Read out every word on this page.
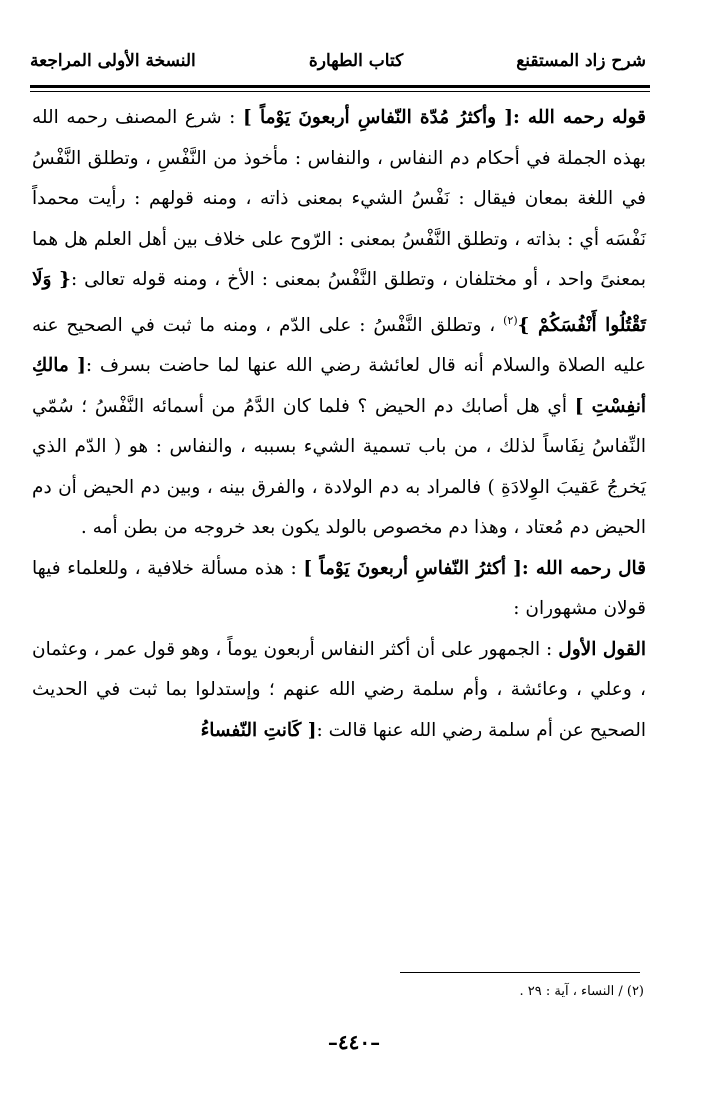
شرح زاد المستقنع
كتاب الطهارة
النسخة الأولى المراجعة

قوله رحمه الله :[ وأكثرُ مُدّة النّفاسِ أربعونَ يَوْماً ] : شرع المصنف رحمه الله بهذه الجملة في أحكام دم النفاس ، والنفاس : مأخوذ من النَّفْسِ ، وتطلق النَّفْسُ في اللغة بمعان فيقال : نَفْسُ الشيء بمعنى ذاته ، ومنه قولهم : رأيت محمداً نَفْسَه أي : بذاته ، وتطلق النَّفْسُ بمعنى : الرّوح على خلاف بين أهل العلم هل هما بمعنىً واحد ، أو مختلفان ، وتطلق النَّفْسُ بمعنى : الأخ ، ومنه قوله تعالى :{ وَلَا تَقْتُلُوا أَنْفُسَكُمْ }$^{(٢)}$ ، وتطلق النَّفْسُ : على الدّم ، ومنه ما ثبت في الصحيح عنه عليه الصلاة والسلام أنه قال لعائشة رضي الله عنها لما حاضت بسرف :[ مالكِ أنفِسْتِ ] أي هل أصابك دم الحيض ؟ فلما كان الدَّمُ من أسمائه النَّفْسُ ؛ سُمّي النِّفاسُ نِفَاساً لذلك ، من باب تسمية الشيء بسببه ، والنفاس : هو ( الدّم الذي يَخرجُ عَقيبَ الوِلادَةِ ) فالمراد به دم الولادة ، والفرق بينه ، وبين دم الحيض أن دم الحيض دم مُعتاد ، وهذا دم مخصوص بالولد يكون بعد خروجه من بطن أمه .

قال رحمه الله :[ أكثرُ النّفاسِ أربعونَ يَوْماً ] : هذه مسألة خلافية ، وللعلماء فيها قولان مشهوران :

القول الأول : الجمهور على أن أكثر النفاس أربعون يوماً ، وهو قول عمر ، وعثمان ، وعلي ، وعائشة ، وأم سلمة رضي الله عنهم ؛ وإستدلوا بما ثبت في الحديث الصحيح عن أم سلمة رضي الله عنها قالت :[ كَانتِ النّفساءُ

(٢) / النساء ، آية : ٢٩ .
–٤٤٠–
